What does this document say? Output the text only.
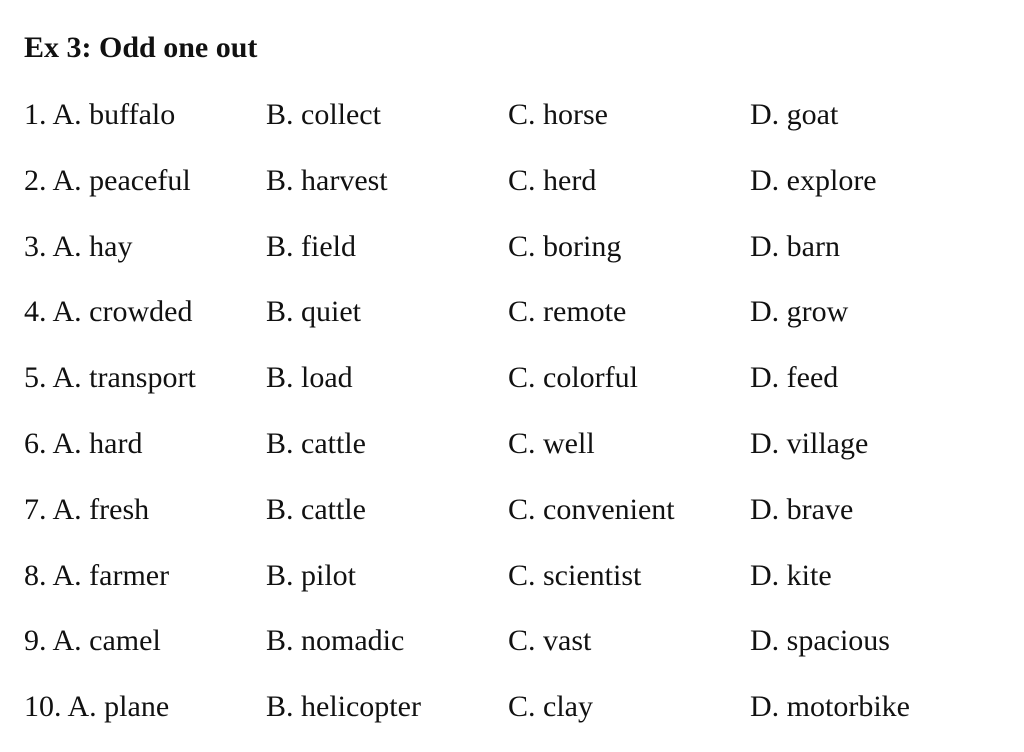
Ex 3: Odd one out
1. A. buffalo	B. collect	C. horse	D. goat
2. A. peaceful	B. harvest	C. herd	D. explore
3. A. hay	B. field	C. boring	D. barn
4. A. crowded	B. quiet	C. remote	D. grow
5. A. transport	B. load	C. colorful	D. feed
6. A. hard	B. cattle	C. well	D. village
7. A. fresh	B. cattle	C. convenient	D. brave
8. A. farmer	B. pilot	C. scientist	D. kite
9. A. camel	B. nomadic	C. vast	D. spacious
10. A. plane	B. helicopter	C. clay	D. motorbike
